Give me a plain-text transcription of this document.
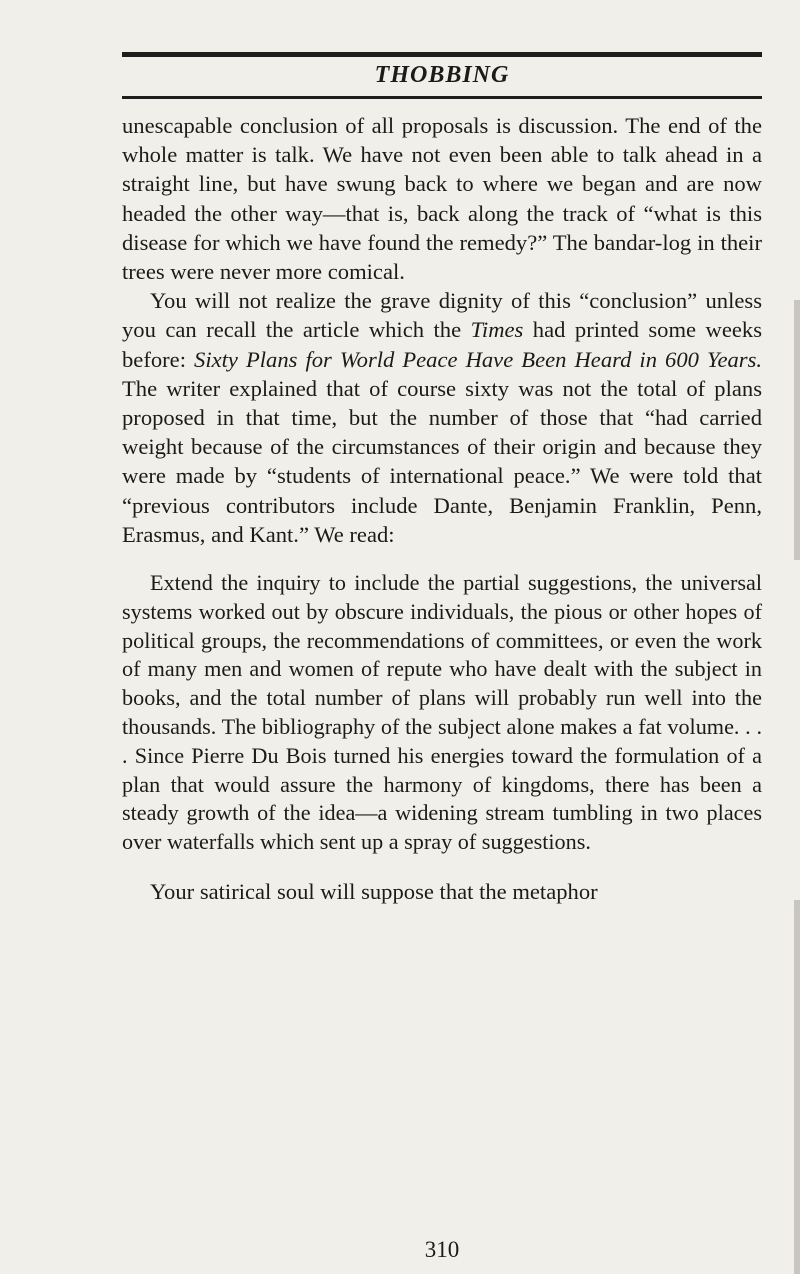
THOBBING

unescapable conclusion of all proposals is discussion. The end of the whole matter is talk. We have not even been able to talk ahead in a straight line, but have swung back to where we began and are now headed the other way—that is, back along the track of “what is this disease for which we have found the remedy?” The bandar-log in their trees were never more comical.

You will not realize the grave dignity of this “conclusion” unless you can recall the article which the Times had printed some weeks before: Sixty Plans for World Peace Have Been Heard in 600 Years. The writer explained that of course sixty was not the total of plans proposed in that time, but the number of those that “had carried weight because of the circumstances of their origin and because they were made by “students of international peace.” We were told that “previous contributors include Dante, Benjamin Franklin, Penn, Erasmus, and Kant.” We read:

Extend the inquiry to include the partial suggestions, the universal systems worked out by obscure individuals, the pious or other hopes of political groups, the recommendations of committees, or even the work of many men and women of repute who have dealt with the subject in books, and the total number of plans will probably run well into the thousands. The bibliography of the subject alone makes a fat volume. . . . Since Pierre Du Bois turned his energies toward the formulation of a plan that would assure the harmony of kingdoms, there has been a steady growth of the idea—a widening stream tumbling in two places over waterfalls which sent up a spray of suggestions.

Your satirical soul will suppose that the metaphor

310
